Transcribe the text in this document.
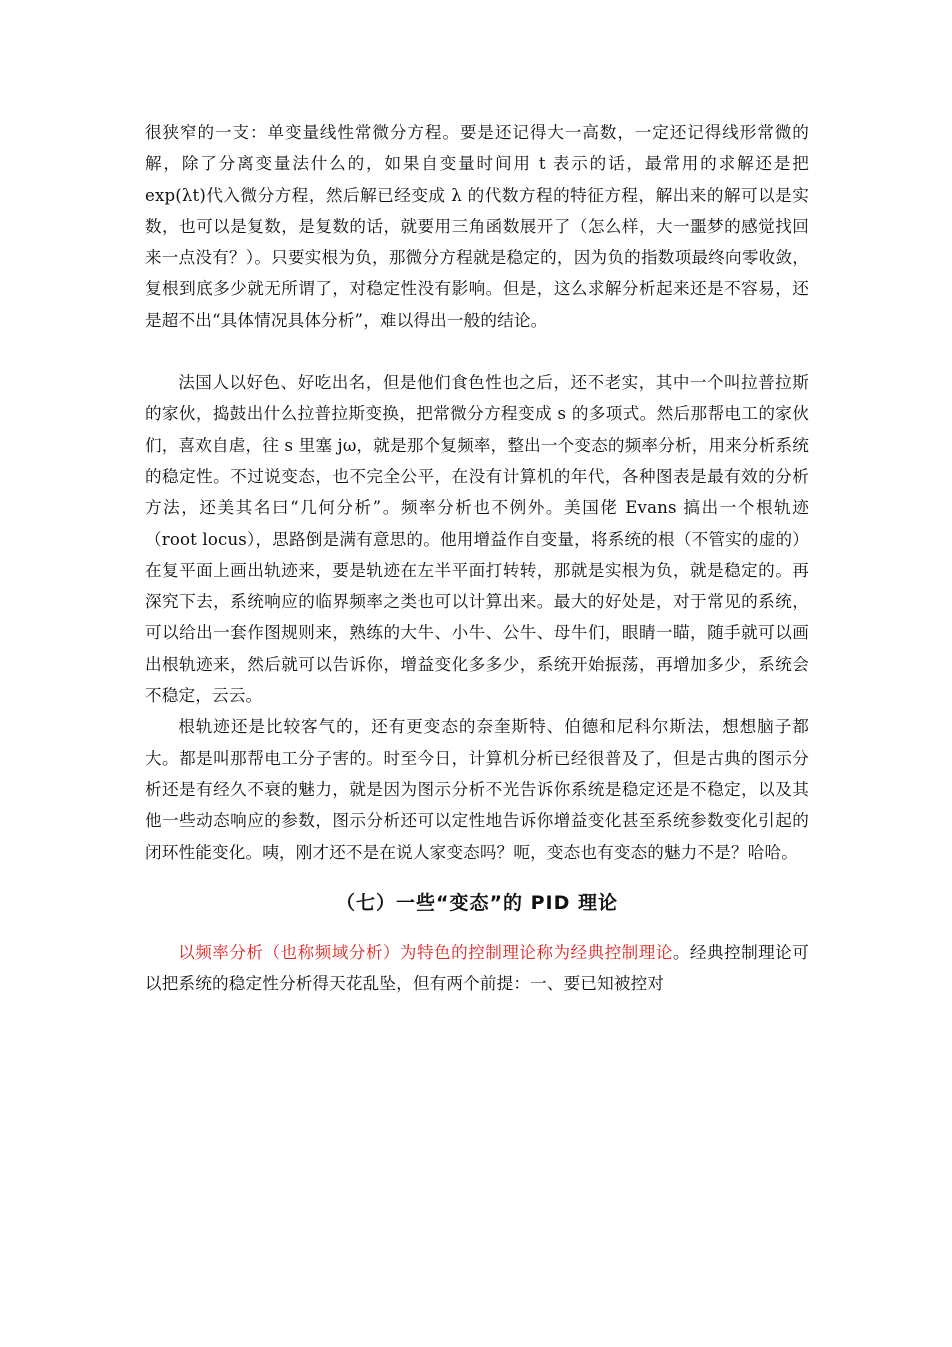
很狭窄的一支：单变量线性常微分方程。要是还记得大一高数，一定还记得线形常微的解，除了分离变量法什么的，如果自变量时间用 t 表示的话，最常用的求解还是把 exp(λt)代入微分方程，然后解已经变成 λ 的代数方程的特征方程，解出来的解可以是实数，也可以是复数，是复数的话，就要用三角函数展开了（怎么样，大一噩梦的感觉找回来一点没有？）。只要实根为负，那微分方程就是稳定的，因为负的指数项最终向零收敛，复根到底多少就无所谓了，对稳定性没有影响。但是，这么求解分析起来还是不容易，还是超不出“具体情况具体分析”，难以得出一般的结论。

法国人以好色、好吃出名，但是他们食色性也之后，还不老实，其中一个叫拉普拉斯的家伙，捣鼓出什么拉普拉斯变换，把常微分方程变成 s 的多项式。然后那帮电工的家伙们，喜欢自虐，往 s 里塞 jω，就是那个复频率，整出一个变态的频率分析，用来分析系统的稳定性。不过说变态，也不完全公平，在没有计算机的年代，各种图表是最有效的分析方法，还美其名曰“几何分析”。频率分析也不例外。美国佬 Evans 搞出一个根轨迹（root locus），思路倒是满有意思的。他用增益作自变量，将系统的根（不管实的虚的）在复平面上画出轨迹来，要是轨迹在左半平面打转转，那就是实根为负，就是稳定的。再深究下去，系统响应的临界频率之类也可以计算出来。最大的好处是，对于常见的系统，可以给出一套作图规则来，熟练的大牛、小牛、公牛、母牛们，眼睛一瞄，随手就可以画出根轨迹来，然后就可以告诉你，增益变化多多少，系统开始振荡，再增加多少，系统会不稳定，云云。

根轨迹还是比较客气的，还有更变态的奈奎斯特、伯德和尼科尔斯法，想想脑子都大。都是叫那帮电工分子害的。时至今日，计算机分析已经很普及了，但是古典的图示分析还是有经久不衰的魅力，就是因为图示分析不光告诉你系统是稳定还是不稳定，以及其他一些动态响应的参数，图示分析还可以定性地告诉你增益变化甚至系统参数变化引起的闭环性能变化。咦，刚才还不是在说人家变态吗？呃，变态也有变态的魅力不是？哈哈。

（七）一些“变态”的 PID 理论

以频率分析（也称频域分析）为特色的控制理论称为经典控制理论。经典控制理论可以把系统的稳定性分析得天花乱坠，但有两个前提：一、要已知被控对
